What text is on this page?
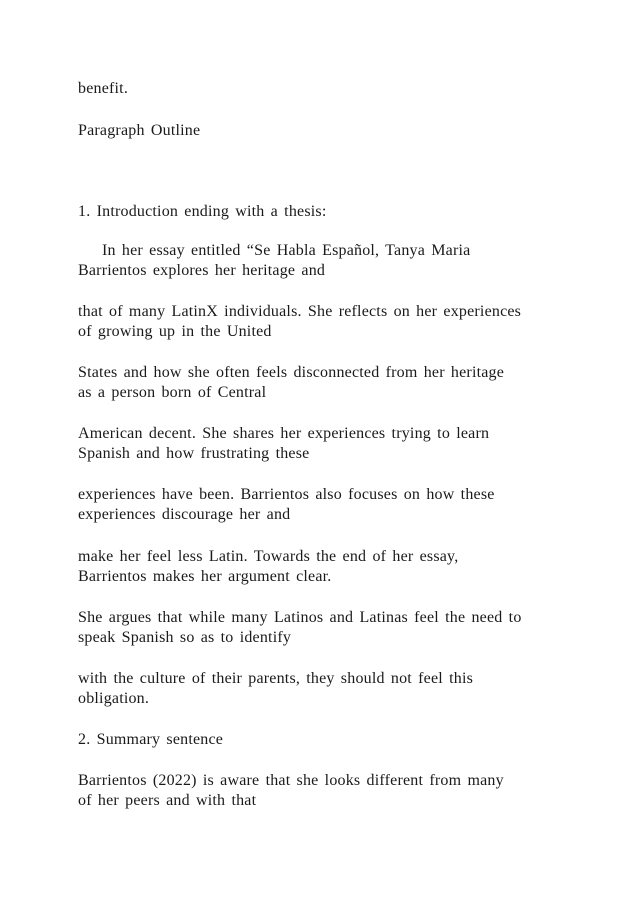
benefit.

Paragraph Outline

1. Introduction ending with a thesis:

In her essay entitled “Se Habla Español, Tanya Maria

Barrientos explores her heritage and

that of many LatinX individuals. She reflects on her experiences

of growing up in the United

States and how she often feels disconnected from her heritage

as a person born of Central

American decent. She shares her experiences trying to learn

Spanish and how frustrating these

experiences have been. Barrientos also focuses on how these

experiences discourage her and

make her feel less Latin. Towards the end of her essay,

Barrientos makes her argument clear.

She argues that while many Latinos and Latinas feel the need to

speak Spanish so as to identify

with the culture of their parents, they should not feel this

obligation.

2. Summary sentence

Barrientos (2022) is aware that she looks different from many

of her peers and with that
